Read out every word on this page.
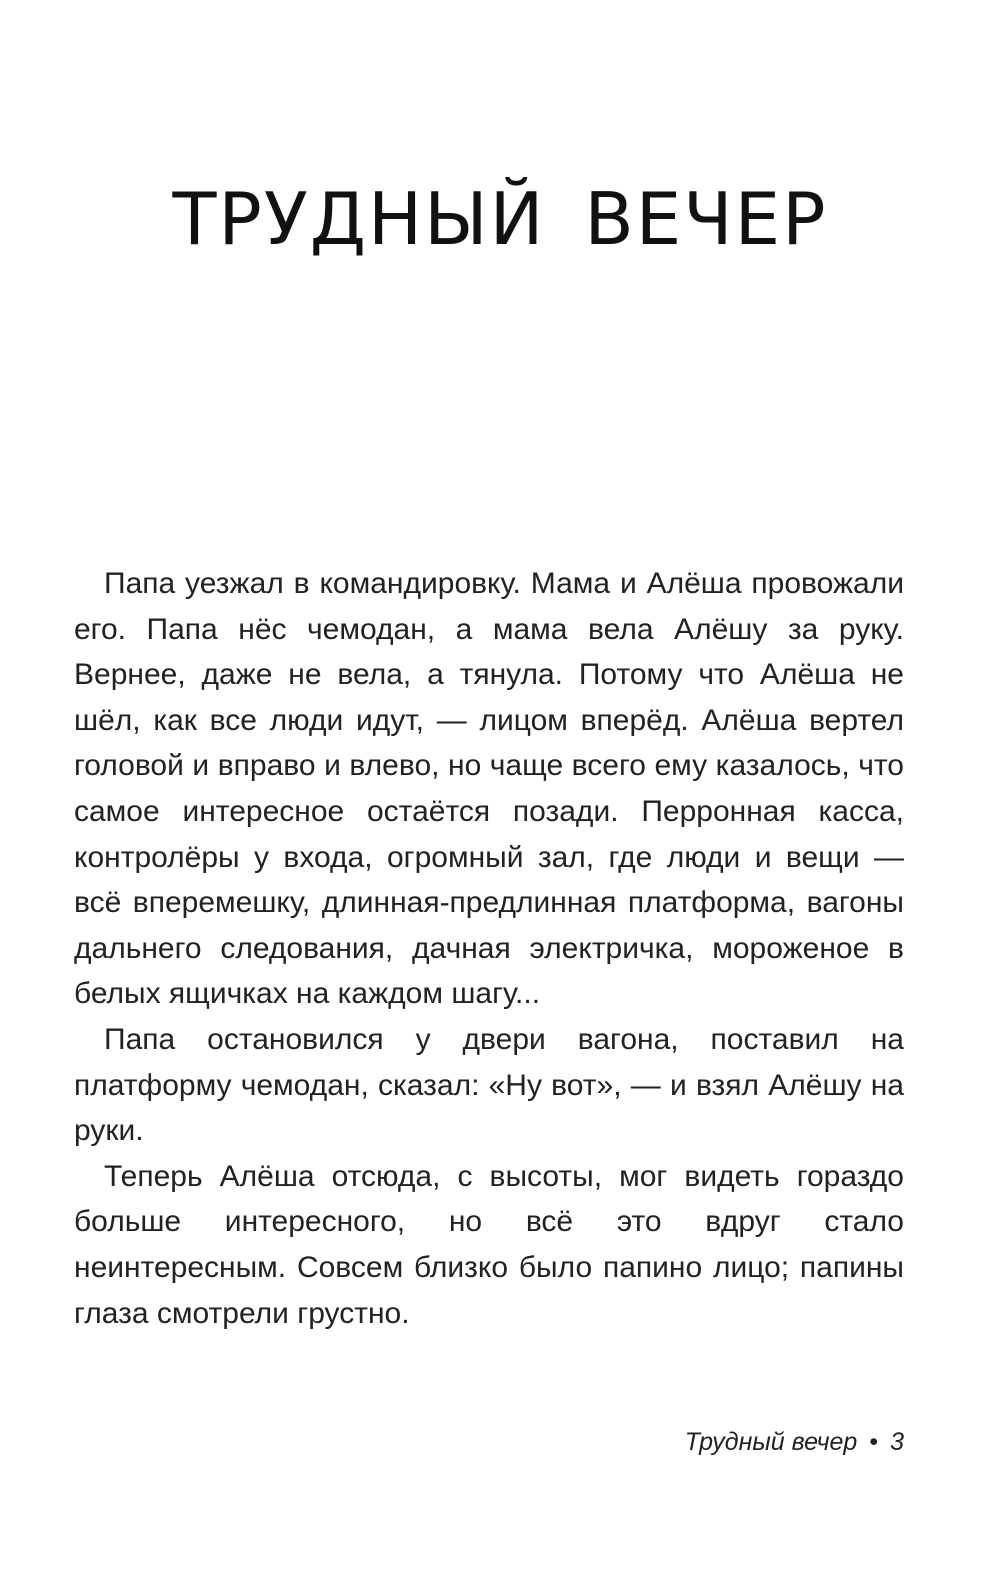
ТРУДНЫЙ ВЕЧЕР

Папа уезжал в командировку. Мама и Алёша провожали его. Папа нёс чемодан, а мама вела Алёшу за руку. Вернее, даже не вела, а тянула. Потому что Алёша не шёл, как все люди идут, — лицом вперёд. Алёша вертел головой и вправо и влево, но чаще всего ему казалось, что самое интересное остаётся позади. Перронная касса, контролёры у входа, огромный зал, где люди и вещи — всё вперемешку, длинная-предлинная платформа, вагоны дальнего следования, дачная электричка, мороженое в белых ящичках на каждом шагу...

Папа остановился у двери вагона, поставил на платформу чемодан, сказал: «Ну вот», — и взял Алёшу на руки.

Теперь Алёша отсюда, с высоты, мог видеть гораздо больше интересного, но всё это вдруг стало неинтересным. Совсем близко было папино лицо; папины глаза смотрели грустно.

Трудный вечер • 3
